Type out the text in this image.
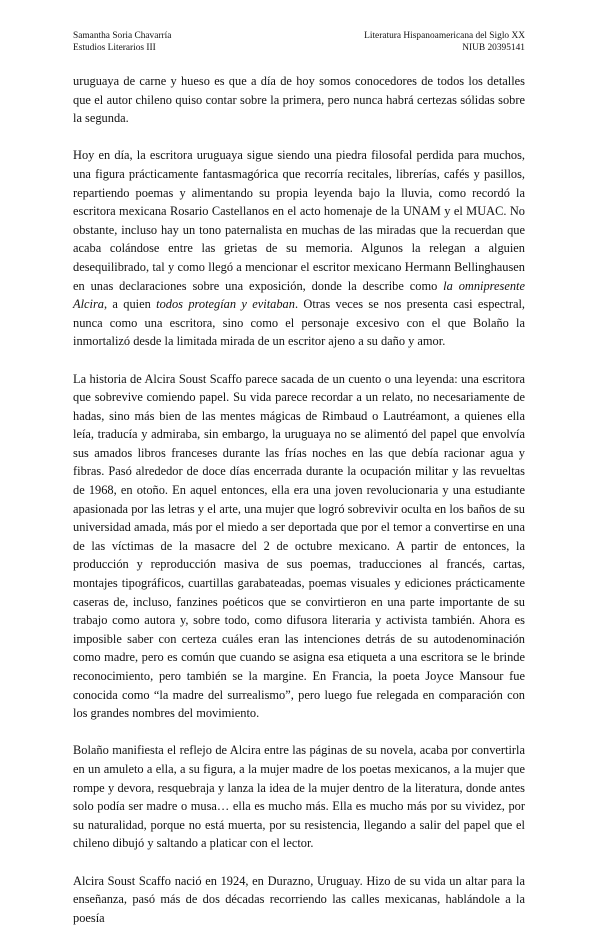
Samantha Soria Chavarría
Estudios Literarios III
Literatura Hispanoamericana del Siglo XX
NIUB 20395141

uruguaya de carne y hueso es que a día de hoy somos conocedores de todos los detalles que el autor chileno quiso contar sobre la primera, pero nunca habrá certezas sólidas sobre la segunda.

Hoy en día, la escritora uruguaya sigue siendo una piedra filosofal perdida para muchos, una figura prácticamente fantasmagórica que recorría recitales, librerías, cafés y pasillos, repartiendo poemas y alimentando su propia leyenda bajo la lluvia, como recordó la escritora mexicana Rosario Castellanos en el acto homenaje de la UNAM y el MUAC. No obstante, incluso hay un tono paternalista en muchas de las miradas que la recuerdan que acaba colándose entre las grietas de su memoria. Algunos la relegan a alguien desequilibrado, tal y como llegó a mencionar el escritor mexicano Hermann Bellinghausen en unas declaraciones sobre una exposición, donde la describe como la omnipresente Alcira, a quien todos protegían y evitaban. Otras veces se nos presenta casi espectral, nunca como una escritora, sino como el personaje excesivo con el que Bolaño la inmortalizó desde la limitada mirada de un escritor ajeno a su daño y amor.

La historia de Alcira Soust Scaffo parece sacada de un cuento o una leyenda: una escritora que sobrevive comiendo papel. Su vida parece recordar a un relato, no necesariamente de hadas, sino más bien de las mentes mágicas de Rimbaud o Lautréamont, a quienes ella leía, traducía y admiraba, sin embargo, la uruguaya no se alimentó del papel que envolvía sus amados libros franceses durante las frías noches en las que debía racionar agua y fibras. Pasó alrededor de doce días encerrada durante la ocupación militar y las revueltas de 1968, en otoño. En aquel entonces, ella era una joven revolucionaria y una estudiante apasionada por las letras y el arte, una mujer que logró sobrevivir oculta en los baños de su universidad amada, más por el miedo a ser deportada que por el temor a convertirse en una de las víctimas de la masacre del 2 de octubre mexicano. A partir de entonces, la producción y reproducción masiva de sus poemas, traducciones al francés, cartas, montajes tipográficos, cuartillas garabateadas, poemas visuales y ediciones prácticamente caseras de, incluso, fanzines poéticos que se convirtieron en una parte importante de su trabajo como autora y, sobre todo, como difusora literaria y activista también. Ahora es imposible saber con certeza cuáles eran las intenciones detrás de su autodenominación como madre, pero es común que cuando se asigna esa etiqueta a una escritora se le brinde reconocimiento, pero también se la margine. En Francia, la poeta Joyce Mansour fue conocida como “la madre del surrealismo”, pero luego fue relegada en comparación con los grandes nombres del movimiento.

Bolaño manifiesta el reflejo de Alcira entre las páginas de su novela, acaba por convertirla en un amuleto a ella, a su figura, a la mujer madre de los poetas mexicanos, a la mujer que rompe y devora, resquebraja y lanza la idea de la mujer dentro de la literatura, donde antes solo podía ser madre o musa… ella es mucho más. Ella es mucho más por su vividez, por su naturalidad, porque no está muerta, por su resistencia, llegando a salir del papel que el chileno dibujó y saltando a platicar con el lector.

Alcira Soust Scaffo nació en 1924, en Durazno, Uruguay. Hizo de su vida un altar para la enseñanza, pasó más de dos décadas recorriendo las calles mexicanas, hablándole a la poesía
